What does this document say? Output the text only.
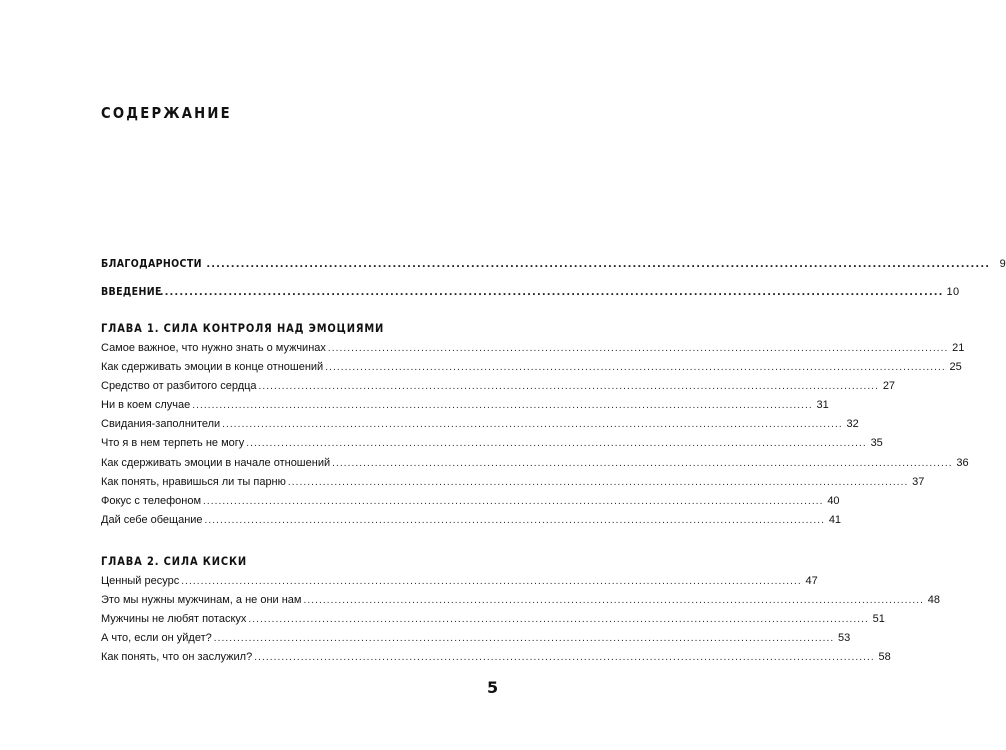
СОДЕРЖАНИЕ
БЛАГОДАРНОСТИ ................................................................................................................................................................ 9
ВВЕДЕНИЕ
................................................................................................................................................................ 10
ГЛАВА 1. СИЛА КОНТРОЛЯ НАД ЭМОЦИЯМИ
Самое важное, что нужно знать о мужчинах ................................................................................................................................................................ 21
Как сдерживать эмоции в конце отношений ................................................................................................................................................................ 25
Средство от разбитого сердца ................................................................................................................................................................ 27
Ни в коем случае ................................................................................................................................................................ 31
Свидания-заполнители ................................................................................................................................................................ 32
Что я в нем терпеть не могу ................................................................................................................................................................ 35
Как сдерживать эмоции в начале отношений ................................................................................................................................................................ 36
Как понять, нравишься ли ты парню ................................................................................................................................................................ 37
Фокус с телефоном ................................................................................................................................................................ 40
Дай себе обещание ................................................................................................................................................................ 41
ГЛАВА 2. СИЛА КИСКИ
Ценный ресурс ................................................................................................................................................................ 47
Это мы нужны мужчинам, а не они нам ................................................................................................................................................................ 48
Мужчины не любят потаскух ................................................................................................................................................................ 51
А что, если он уйдет? ................................................................................................................................................................ 53
Как понять, что он заслужил? ................................................................................................................................................................ 58
5
